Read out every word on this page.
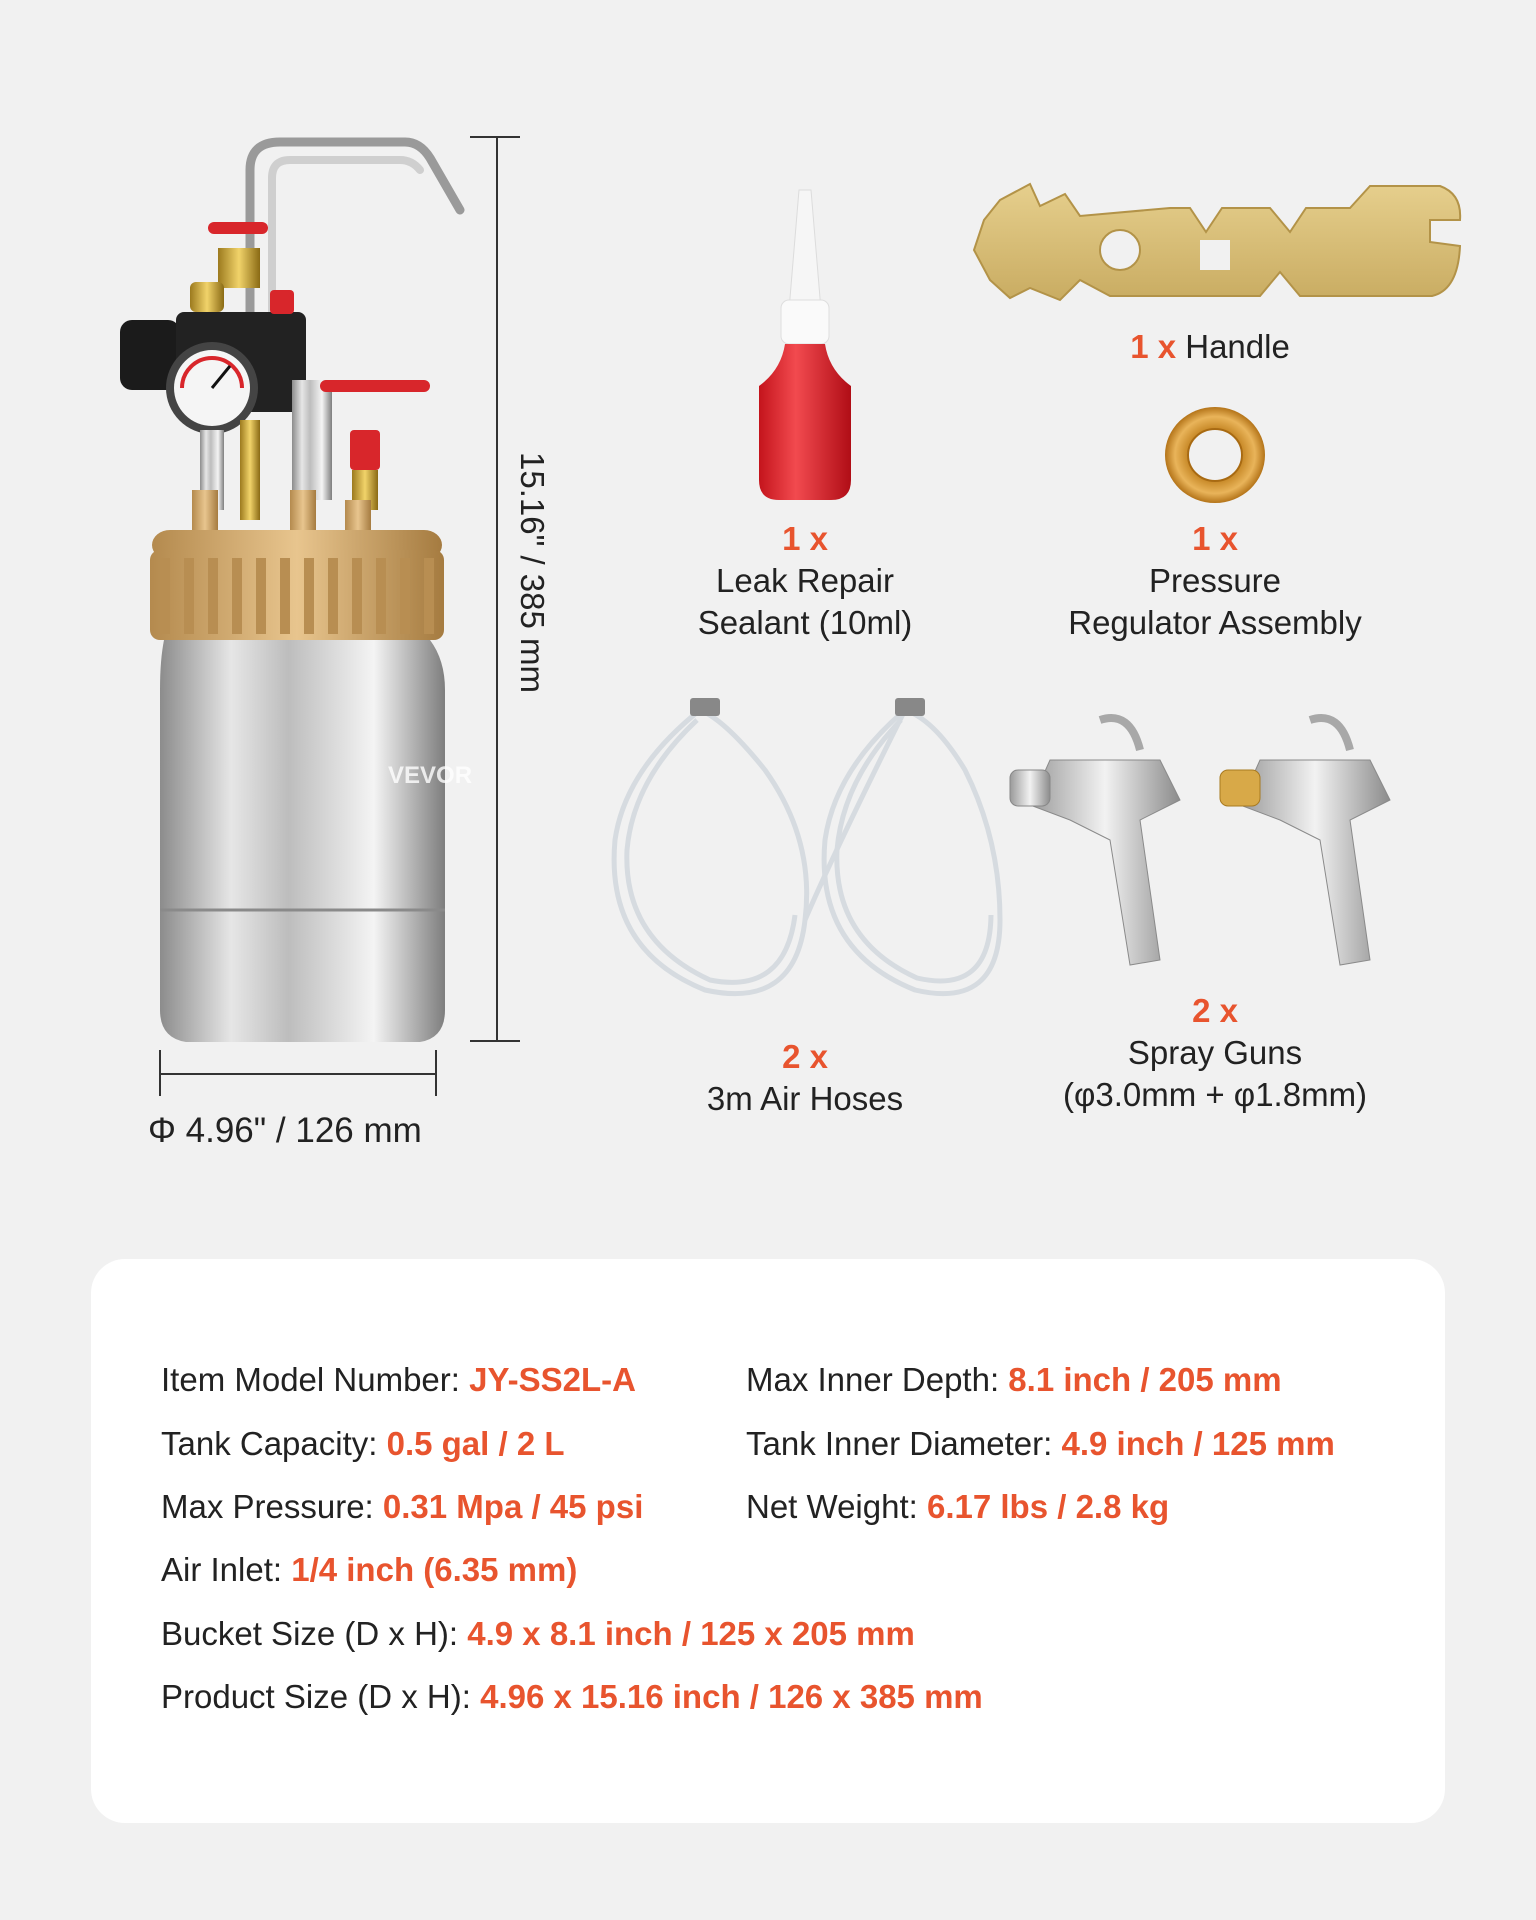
VEVOR
15.16" / 385 mm
Φ 4.96" / 126 mm
1 x
Leak Repair
Sealant (10ml)
1 x Handle
1 x
Pressure
Regulator Assembly
2 x
3m Air Hoses
2 x
Spray Guns
(φ3.0mm + φ1.8mm)
Item Model Number: JY-SS2L-A
Tank Capacity: 0.5 gal / 2 L
Max Pressure: 0.31 Mpa / 45 psi
Air Inlet: 1/4 inch (6.35 mm)
Bucket Size (D x H): 4.9 x 8.1 inch / 125 x 205 mm
Product Size (D x H): 4.96 x 15.16 inch / 126 x 385 mm
Max Inner Depth: 8.1 inch / 205 mm
Tank Inner Diameter: 4.9 inch / 125 mm
Net Weight: 6.17 lbs / 2.8 kg
